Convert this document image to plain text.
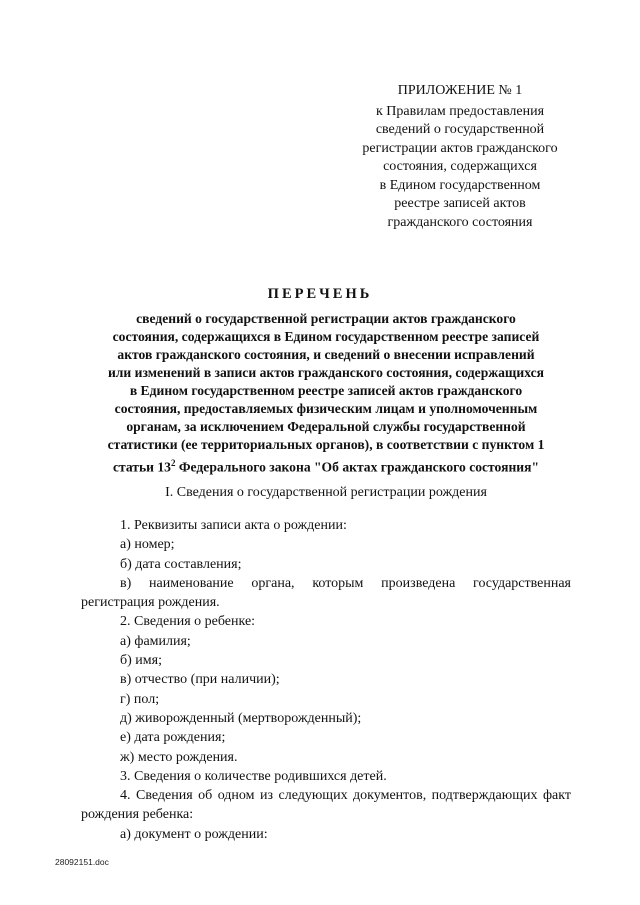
ПРИЛОЖЕНИЕ № 1
к Правилам предоставления
сведений о государственной
регистрации актов гражданского
состояния, содержащихся
в Едином государственном
реестре записей актов
гражданского состояния
ПЕРЕЧЕНЬ
сведений о государственной регистрации актов гражданского
состояния, содержащихся в Едином государственном реестре записей
актов гражданского состояния, и сведений о внесении исправлений
или изменений в записи актов гражданского состояния, содержащихся
в Едином государственном реестре записей актов гражданского
состояния, предоставляемых физическим лицам и уполномоченным
органам, за исключением Федеральной службы государственной
статистики (ее территориальных органов), в соответствии с пунктом 1
статьи $13^2$ Федерального закона "Об актах гражданского состояния"
I. Сведения о государственной регистрации рождения

1. Реквизиты записи акта о рождении:

а) номер;

б) дата составления;

в) наименование органа, которым произведена государственная регистрация рождения.

2. Сведения о ребенке:

а) фамилия;

б) имя;

в) отчество (при наличии);

г) пол;

д) живорожденный (мертворожденный);

е) дата рождения;

ж) место рождения.

3. Сведения о количестве родившихся детей.

4. Сведения об одном из следующих документов, подтверждающих факт рождения ребенка:

а) документ о рождении:

28092151.doc
